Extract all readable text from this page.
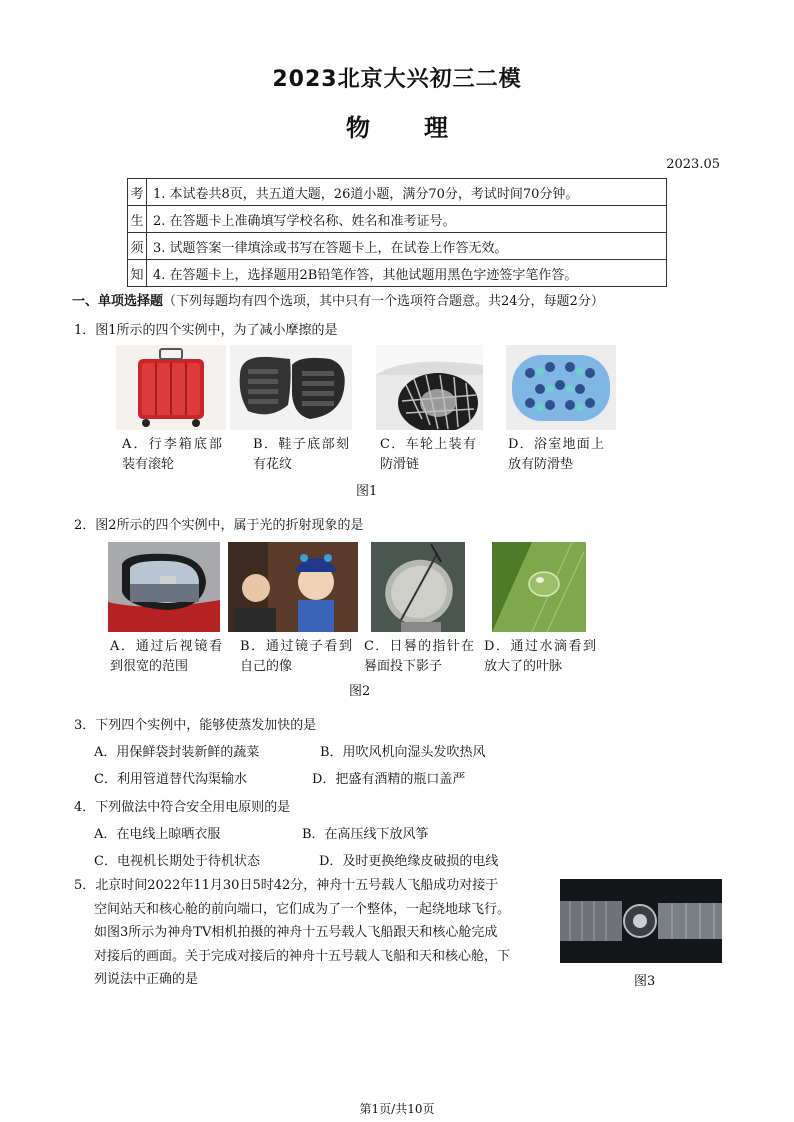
2023北京大兴初三二模
物理
2023.05
考	1. 本试卷共8页，共五道大题，26道小题，满分70分，考试时间70分钟。
生	2. 在答题卡上准确填写学校名称、姓名和准考证号。
须	3. 试题答案一律填涂或书写在答题卡上，在试卷上作答无效。
知	4. 在答题卡上，选择题用2B铅笔作答，其他试题用黑色字迹签字笔作答。
一、单项选择题（下列每题均有四个选项，其中只有一个选项符合题意。共24分，每题2分）
1．图1所示的四个实例中，为了减小摩擦的是
A．行李箱底部装有滚轮
B．鞋子底部刻有花纹
C．车轮上装有防滑链
D．浴室地面上放有防滑垫
图1
2．图2所示的四个实例中，属于光的折射现象的是
A．通过后视镜看到很宽的范围
B．通过镜子看到自己的像
C．日晷的指针在晷面投下影子
D．通过水滴看到放大了的叶脉
图2
3．下列四个实例中，能够使蒸发加快的是
A．用保鲜袋封装新鲜的蔬菜	B．用吹风机向湿头发吹热风
C．利用管道替代沟渠输水	D．把盛有酒精的瓶口盖严
4．下列做法中符合安全用电原则的是
A．在电线上晾晒衣服	B．在高压线下放风筝
C．电视机长期处于待机状态	D．及时更换绝缘皮破损的电线
5．北京时间2022年11月30日5时42分，神舟十五号载人飞船成功对接于
空间站天和核心舱的前向端口，它们成为了一个整体，一起绕地球飞行。
如图3所示为神舟TV相机拍摄的神舟十五号载人飞船跟天和核心舱完成
对接后的画面。关于完成对接后的神舟十五号载人飞船和天和核心舱，下
列说法中正确的是	图3
第1页/共10页
